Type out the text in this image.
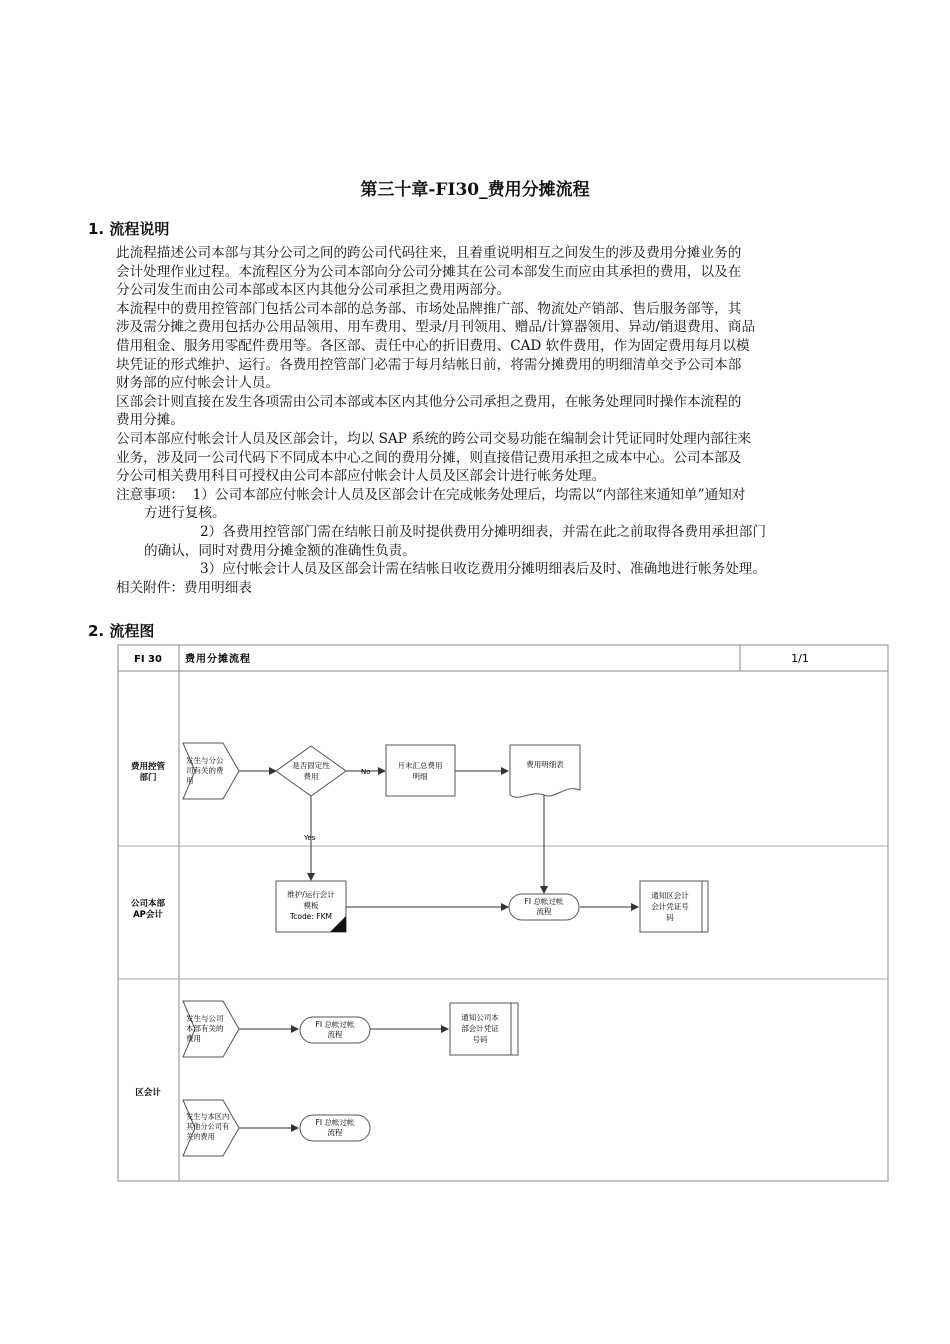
第三十章-FI30_费用分摊流程
1. 流程说明

此流程描述公司本部与其分公司之间的跨公司代码往来，且着重说明相互之间发生的涉及费用分摊业务的

会计处理作业过程。本流程区分为公司本部向分公司分摊其在公司本部发生而应由其承担的费用，以及在

分公司发生而由公司本部或本区内其他分公司承担之费用两部分。

本流程中的费用控管部门包括公司本部的总务部、市场处品牌推广部、物流处产销部、售后服务部等，其

涉及需分摊之费用包括办公用品领用、用车费用、型录/月刊领用、赠品/计算器领用、异动/销退费用、商品

借用租金、服务用零配件费用等。各区部、责任中心的折旧费用、CAD 软件费用，作为固定费用每月以模

块凭证的形式维护、运行。各费用控管部门必需于每月结帐日前，将需分摊费用的明细清单交予公司本部

财务部的应付帐会计人员。

区部会计则直接在发生各项需由公司本部或本区内其他分公司承担之费用，在帐务处理同时操作本流程的

费用分摊。

公司本部应付帐会计人员及区部会计，均以 SAP 系统的跨公司交易功能在编制会计凭证同时处理内部往来

业务，涉及同一公司代码下不同成本中心之间的费用分摊，则直接借记费用承担之成本中心。公司本部及

分公司相关费用科目可授权由公司本部应付帐会计人员及区部会计进行帐务处理。

注意事项： 1）公司本部应付帐会计人员及区部会计在完成帐务处理后，均需以“内部往来通知单”通知对

方进行复核。

2）各费用控管部门需在结帐日前及时提供费用分摊明细表，并需在此之前取得各费用承担部门

的确认，同时对费用分摊金额的准确性负责。

3）应付帐会计人员及区部会计需在结帐日收讫费用分摊明细表后及时、准确地进行帐务处理。

相关附件：费用明细表

2. 流程图
FI 30 费用分摊流程	1/1
费用控管部门
公司本部 AP会计
区会计
No
Yes
发生与分公司有关的费用
是否固定性费用
月末汇总费用明细
费用明细表
维护/运行会计模板 Tcode: FKM
FI 总帐过帐流程
通知区会计会计凭证号码
发生与公司本部有关的费用
FI 总帐过帐流程
通知公司本部会计凭证号码
发生与本区内其他分公司有关的费用
FI 总帐过帐流程
